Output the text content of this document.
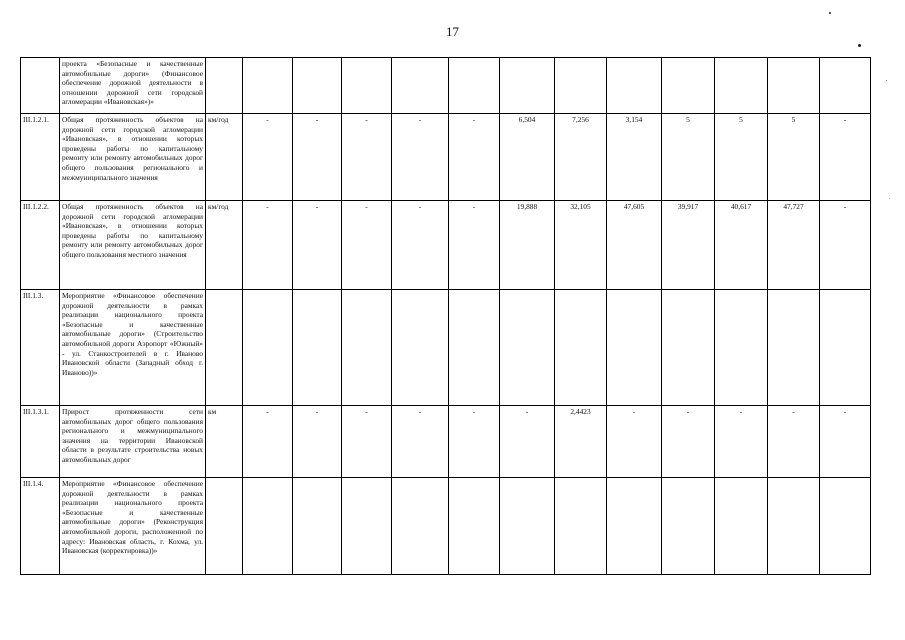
17
	проекта «Безопасные и качественные автомобильные дороги» (Финансовое обеспечение дорожной деятельности в отношении дорожной сети городской агломерации «Ивановская»)»													
III.1.2.1.	Общая протяженность объектов на дорожной сети городской агломерации «Ивановская», в отношении которых проведены работы по капитальному ремонту или ремонту автомобильных дорог общего пользования регионального и межмуниципального значения	км/год	-	-	-	-	-	6,504	7,256	3,154	5	5	5	-
III.1.2.2.	Общая протяженность объектов на дорожной сети городской агломерации «Ивановская», в отношении которых проведены работы по капитальному ремонту или ремонту автомобильных дорог общего пользования местного значения	км/год	-	-	-	-	-	19,888	32,105	47,605	39,917	40,617	47,727	-
III.1.3.	Мероприятие «Финансовое обеспечение дорожной деятельности в рамках реализации национального проекта «Безопасные и качественные автомобильные дороги» (Строительство автомобильной дороги Аэропорт «Южный» - ул. Станкостроителей в г. Иваново Ивановской области (Западный обход г. Иваново))»													
III.1.3.1.	Прирост протяженности сети автомобильных дорог общего пользования регионального и межмуниципального значения на территории Ивановской области в результате строительства новых автомобильных дорог	км	-	-	-	-	-	-	2,4423	-	-	-	-	-
III.1.4.	Мероприятие «Финансовое обеспечение дорожной деятельности в рамках реализации национального проекта «Безопасные и качественные автомобильные дороги» (Реконструкция автомобильной дороги, расположенной по адресу: Ивановская область, г. Кохма, ул. Ивановская (корректировка))»													
